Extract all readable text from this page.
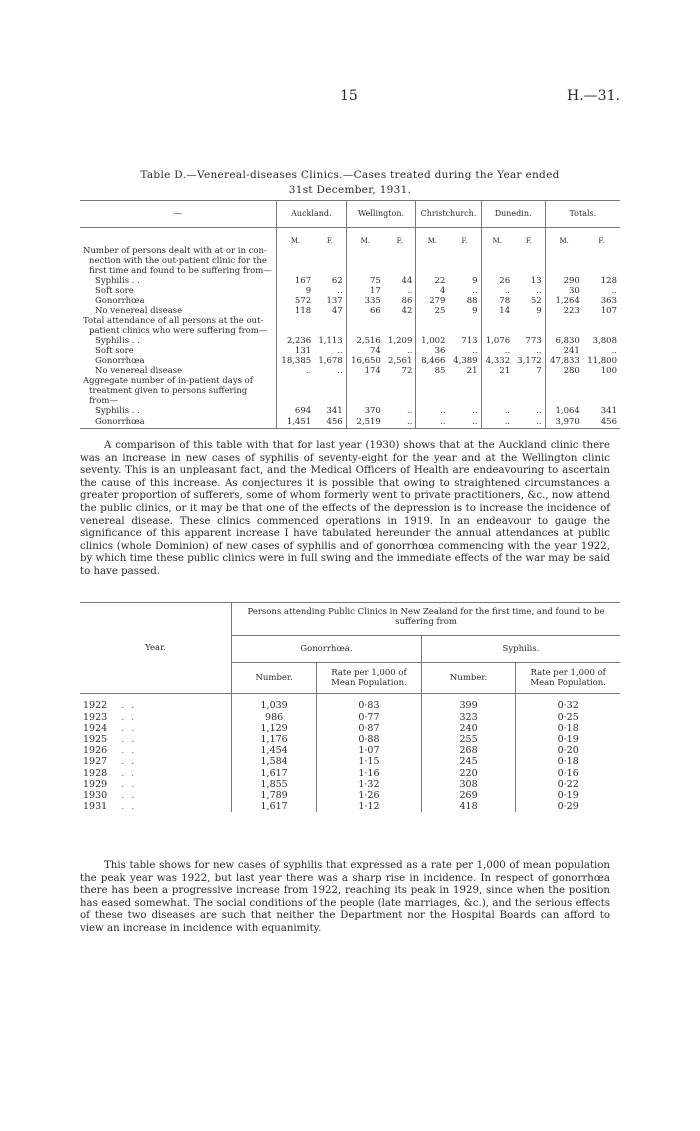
15	H.—31.
Table D.—Venereal-diseases Clinics.—Cases treated during the Year ended
31st December, 1931.
—	Auckland.		Wellington.		Christchurch.		Dunedin.		Totals.	
	M.	F.	M.	F.	M.	F.	M.	F.	M.	F.
Number of persons dealt with at or in con-										
nection with the out-patient clinic for the										
first time and found to be suffering from—										
Syphilis . .	167	62	75	44	22	9	26	13	290	128
Soft sore	9	..	17	..	4	..	..	..	30	..
Gonorrhœa	572	137	335	86	279	88	78	52	1,264	363
No venereal disease	118	47	66	42	25	9	14	9	223	107
Total attendance of all persons at the out-										
patient clinics who were suffering from—										
Syphilis . .	2,236	1,113	2,516	1,209	1,002	713	1,076	773	6,830	3,808
Soft sore	131	..	74	..	36	..	..	..	241	..
Gonorrhœa	18,385	1,678	16,650	2,561	8,466	4,389	4,332	3,172	47,833	11,800
No venereal disease	..	..	174	72	85	21	21	7	280	100
Aggregate number of in-patient days of										
treatment given to persons suffering										
from—										
Syphilis . .	694	341	370	..	..	..	..	..	1,064	341
Gonorrhœa	1,451	456	2,519	..	..	..	..	..	3,970	456
A comparison of this table with that for last year (1930) shows that at the Auckland clinic there was an increase in new cases of syphilis of seventy-eight for the year and at the Wellington clinic seventy. This is an unpleasant fact, and the Medical Officers of Health are endeavouring to ascertain the cause of this increase. As conjectures it is possible that owing to straightened circumstances a greater proportion of sufferers, some of whom formerly went to private practitioners, &c., now attend the public clinics, or it may be that one of the effects of the depression is to increase the incidence of venereal disease. These clinics commenced operations in 1919. In an endeavour to gauge the significance of this apparent increase I have tabulated hereunder the annual attendances at public clinics (whole Dominion) of new cases of syphilis and of gonorrhœa commencing with the year 1922, by which time these public clinics were in full swing and the immediate effects of the war may be said to have passed.
Year.	Persons attending Public Clinics in New Zealand for the first time, and found to be suffering from			
	Gonorrhœa.		Syphilis.	
	Number.	Rate per 1,000 of Mean Population.	Number.	Rate per 1,000 of Mean Population.
1922 . .	1,039	0·83	399	0·32
1923 . .	986	0·77	323	0·25
1924 . .	1,129	0·87	240	0·18
1925 . .	1,176	0·88	255	0·19
1926 . .	1,454	1·07	268	0·20
1927 . .	1,584	1·15	245	0·18
1928 . .	1,617	1·16	220	0·16
1929 . .	1,855	1·32	308	0·22
1930 . .	1,789	1·26	269	0·19
1931 . .	1,617	1·12	418	0·29
This table shows for new cases of syphilis that expressed as a rate per 1,000 of mean population the peak year was 1922, but last year there was a sharp rise in incidence. In respect of gonorrhœa there has been a progressive increase from 1922, reaching its peak in 1929, since when the position has eased somewhat. The social conditions of the people (late marriages, &c.), and the serious effects of these two diseases are such that neither the Department nor the Hospital Boards can afford to view an increase in incidence with equanimity.
